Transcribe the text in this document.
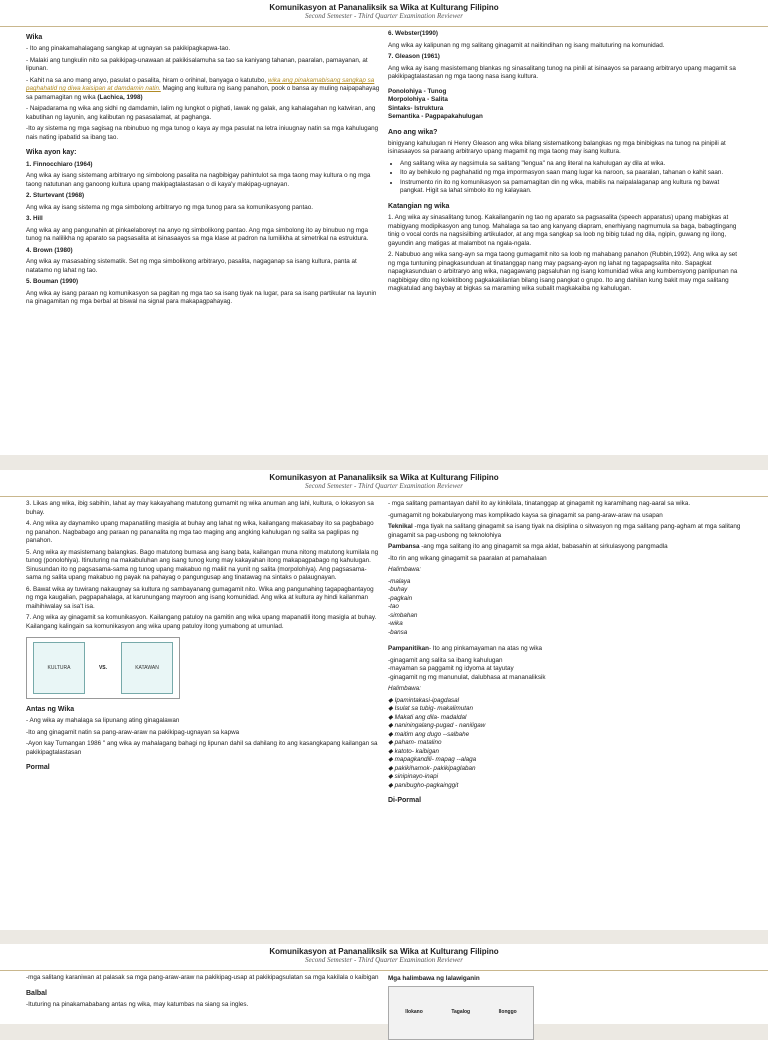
Komunikasyon at Pananaliksik sa Wika at Kulturang Filipino
Second Semester - Third Quarter Examination Reviewer
Wika

- Ito ang pinakamahalagang sangkap at ugnayan sa pakikipagkapwa-tao.

- Malaki ang tungkulin nito sa pakikipag-unawaan at pakikisalamuha sa tao sa kaniyang tahanan, paaralan, pamayanan, at lipunan.

- Kahit na sa ano mang anyo, pasulat o pasalita, hiram o orihinal, banyaga o katutubo, wika ang pinakamabisang sangkap sa paghahatid ng diwa kaisipan at damdamin natin. Maging ang kultura ng isang panahon, pook o bansa ay muling naipapahayag sa pamamagitan ng wika (Lachica, 1998)

- Naipadarama ng wika ang sidhi ng damdamin, lalim ng lungkot o pighati, lawak ng galak, ang kahalagahan ng katwiran, ang kabutihan ng layunin, ang kalibutan ng pasasalamat, at paghanga.

-Ito ay sistema ng mga sagisag na nbinubuo ng mga tunog o kaya ay mga pasulat na letra iniuugnay natin sa mga kahulugang nais nating ipabatid sa ibang tao.

Wika ayon kay:

1. Finnocchiaro (1964)

Ang wika ay isang sistemang arbitraryo ng simbolong pasalita na nagbibigay pahintulot sa mga taong may kultura o ng mga taong natutunan ang ganoong kultura upang makipagtalastasan o di kaya'y makipag-ugnayan.

2. Sturtevant (1968)

Ang wika ay isang sistema ng mga simbolong arbitraryo ng mga tunog para sa komunikasyong pantao.

3. Hill

Ang wika ay ang pangunahin at pinkaelaboreyt na anyo ng simbolikong pantao. Ang mga simbolong ito ay binubuo ng mga tunog na nalilikha ng aparato sa pagsasalita at isinasaayos sa mga klase at padron na lumilikha at simetrikal na estruktura.

4. Brown (1980)

Ang wika ay masasabing sistematik. Set ng mga simbolikong arbitraryo, pasalita, nagaganap sa isang kultura, panta at natatamo ng lahat ng tao.

5. Bouman (1990)

Ang wika ay isang paraan ng komunikasyon sa pagitan ng mga tao sa isang tiyak na lugar, para sa isang partikular na layunin na ginagamitan ng mga berbal at biswal na signal para makapagpahayag.

6. Webster(1990)

Ang wika ay kalipunan ng mg salitang ginagamit at naiitindihan ng isang maituturing na komunidad.

7. Gleason (1961)

Ang wika ay isang masistemang blankas ng sinasalitang tunog na pinili at isinaayos sa paraang arbitraryo upang magamit sa pakikipagtalastasan ng mga taong nasa isang kultura.

Ponolohiya - Tunog
Morpolohiya - Salita
Sintaks- Istruktura
Semantika - Pagpapakahulugan
Ano ang wika?

binigyang kahulugan ni Henry Gleason ang wika bilang sistematikong balangkas ng mga binibigkas na tunog na pinipili at isinasaayos sa paraang arbitraryo upang magamit ng mga taong may isang kultura.

• Ang salitang wika ay nagsimula sa salitang "lengua" na ang literal na kahulugan ay dila at wika.
• Ito ay behikulo ng paghahatid ng mga impormasyon saan mang lugar ka naroon, sa paaralan, tahanan o kahit saan.
• Instrumento rin ito ng komunikasyon sa pamamagitan din ng wika, mabilis na naipalalaganap ang kultura ng bawat pangkat. Higit sa lahat simbolo ito ng kalayaan.
Katangian ng wika

1. Ang wika ay sinasalitang tunog. Kakailanganin ng tao ng aparato sa pagsasalita (speech apparatus) upang mabigkas at mabigyang modipikasyon ang tunog. Mahalaga sa tao ang kanyang diapram, enerhiyang nagmumula sa baga, babagtingang tinig o vocal cords na nagsisilbing artikulador, at ang mga sangkap sa loob ng bibig tulad ng dila, ngipin, guwang ng ilong, gayundin ang matigas at malambot na ngala-ngala.

2. Nabubuo ang wika sang-ayn sa mga taong gumagamit nito sa loob ng mahabang panahon (Rubbin,1992). Ang wika ay set ng mga tuntuning pinagkasunduan at tinatanggap nang may pagsang-ayon ng lahat ng tagapagsalita nito. Sapagkat napagkasunduan o arbitraryo ang wika, nagagawang pagsaluhan ng isang komunidad wika ang kumbensyong panlipunan na nagbibigay dito ng kolektibong pagkakakilanlan bilang isang pangkat o grupo. Ito ang dahilan kung bakit may mga salitang magkatulad ang baybay at bigkas sa maraming wika subalit magkakaiba ng kahulugan.

Komunikasyon at Pananaliksik sa Wika at Kulturang Filipino
Second Semester - Third Quarter Examination Reviewer

3. Likas ang wika, ibig sabihin, lahat ay may kakayahang matutong gumamit ng wika anuman ang lahi, kultura, o lokasyon sa buhay.

4. Ang wika ay daynamiko upang mapanatiling masigla at buhay ang lahat ng wika, kailangang makasabay ito sa pagbabago ng panahon. Nagbabago ang paraan ng pananalita ng mga tao maging ang angking kahulugan ng salita sa paglipas ng panahon.

5. Ang wika ay masistemang balangkas. Bago matutong bumasa ang isang bata, kailangan muna nitong matutong kumilala ng tunog (ponolohiya). Itinuturing na makabuluhan ang isang tunog kung may kakayahan itong makapagpabago ng kahulugan. Sinusundan ito ng pagsasama-sama ng tunog upang makabuo ng maliit na yunit ng salita (morpolohiya). Ang pagsasama-sama ng salita upang makabuo ng payak na pahayag o pangungusap ang tinatawag na sintaks o palaugnayan.

6. Bawat wika ay tuwirang nakaugnay sa kultura ng sambayanang gumagamit nito. Wika ang pangunahing tagapagbantayog ng mga kaugalian, pagpapahalaga, at karunungang mayroon ang isang komunidad. Ang wika at kultura ay hindi kailanman maihihiwalay sa isa't isa.

7. Ang wika ay ginagamit sa komunikasyon. Kailangang patuloy na gamitin ang wika upang mapanatili itong masigla at buhay. Kailangang kalingain sa komunikasyon ang wika upang patuloy itong yumabong at umunlad.

KULTURA	VS.	KATAWAN
Antas ng Wika

- Ang wika ay mahalaga sa lipunang ating ginagalawan

-Ito ang ginagamit natin sa pang-araw-araw na pakikipag-ugnayan sa kapwa

-Ayon kay Tumangan 1986 " ang wika ay mahalagang bahagi ng lipunan dahil sa dahilang ito ang kasangkapang kailangan sa pakikipagtalastasan

Pormal

- mga salitang pamantayan dahil ito ay kinikilala, tinatanggap at ginagamit ng karamihang nag-aaral sa wika.

-gumagamit ng bokabularyong mas komplikado kaysa sa ginagamit sa pang-araw-araw na usapan

Teknikal -mga tiyak na salitang ginagamit sa isang tiyak na disiplina o sitwasyon ng mga salitang pang-agham at mga salitang ginagamit sa pag-usbong ng teknolohiya

Pambansa -ang mga salitang ito ang ginagamit sa mga aklat, babasahin at sirkulasyong pangmadla

-Ito rin ang wikang ginagamit sa paaralan at pamahalaan

Halimbawa:

-malaya
-buhay
-pagkain
-tao
-simbahan
-wika
-bansa

Pampanitikan- Ito ang pinkamayaman na atas ng wika

-ginagamit ang salita sa ibang kahulugan
-mayaman sa paggamit ng idyoma at tayutay
-ginagamit ng mg manunulat, dalubhasa at mananaliksik

Halimbawa:

◆ Ipamintakasi-ipagdasal
◆ Isulat sa tubig- makalimutan
◆ Makati ang dila- madaldal
◆ naniningalang-pugad - naniligaw
◆ maitim ang dugo --salbahe
◆ paham- matalino
◆ katoto- kaibigan
◆ mapagkandili- mapag --alaga
◆ pakikihamok- pakikipaglaban
◆ sinipinayo-inapi
◆ panibugho-pagkainggit
Di-Pormal
Komunikasyon at Pananaliksik sa Wika at Kulturang Filipino
Second Semester - Third Quarter Examination Reviewer

-mga salitang karaniwan at palasak sa mga pang-araw-araw na pakikipag-usap at pakikipagsulatan sa mga kakilala o kaibigan

Balbal

-Ituturing na pinakamababang antas ng wika, may katumbas na siang sa ingles.

Mga halimbawa ng lalawiganin
Ilokano	Tagalog	Ilonggo
